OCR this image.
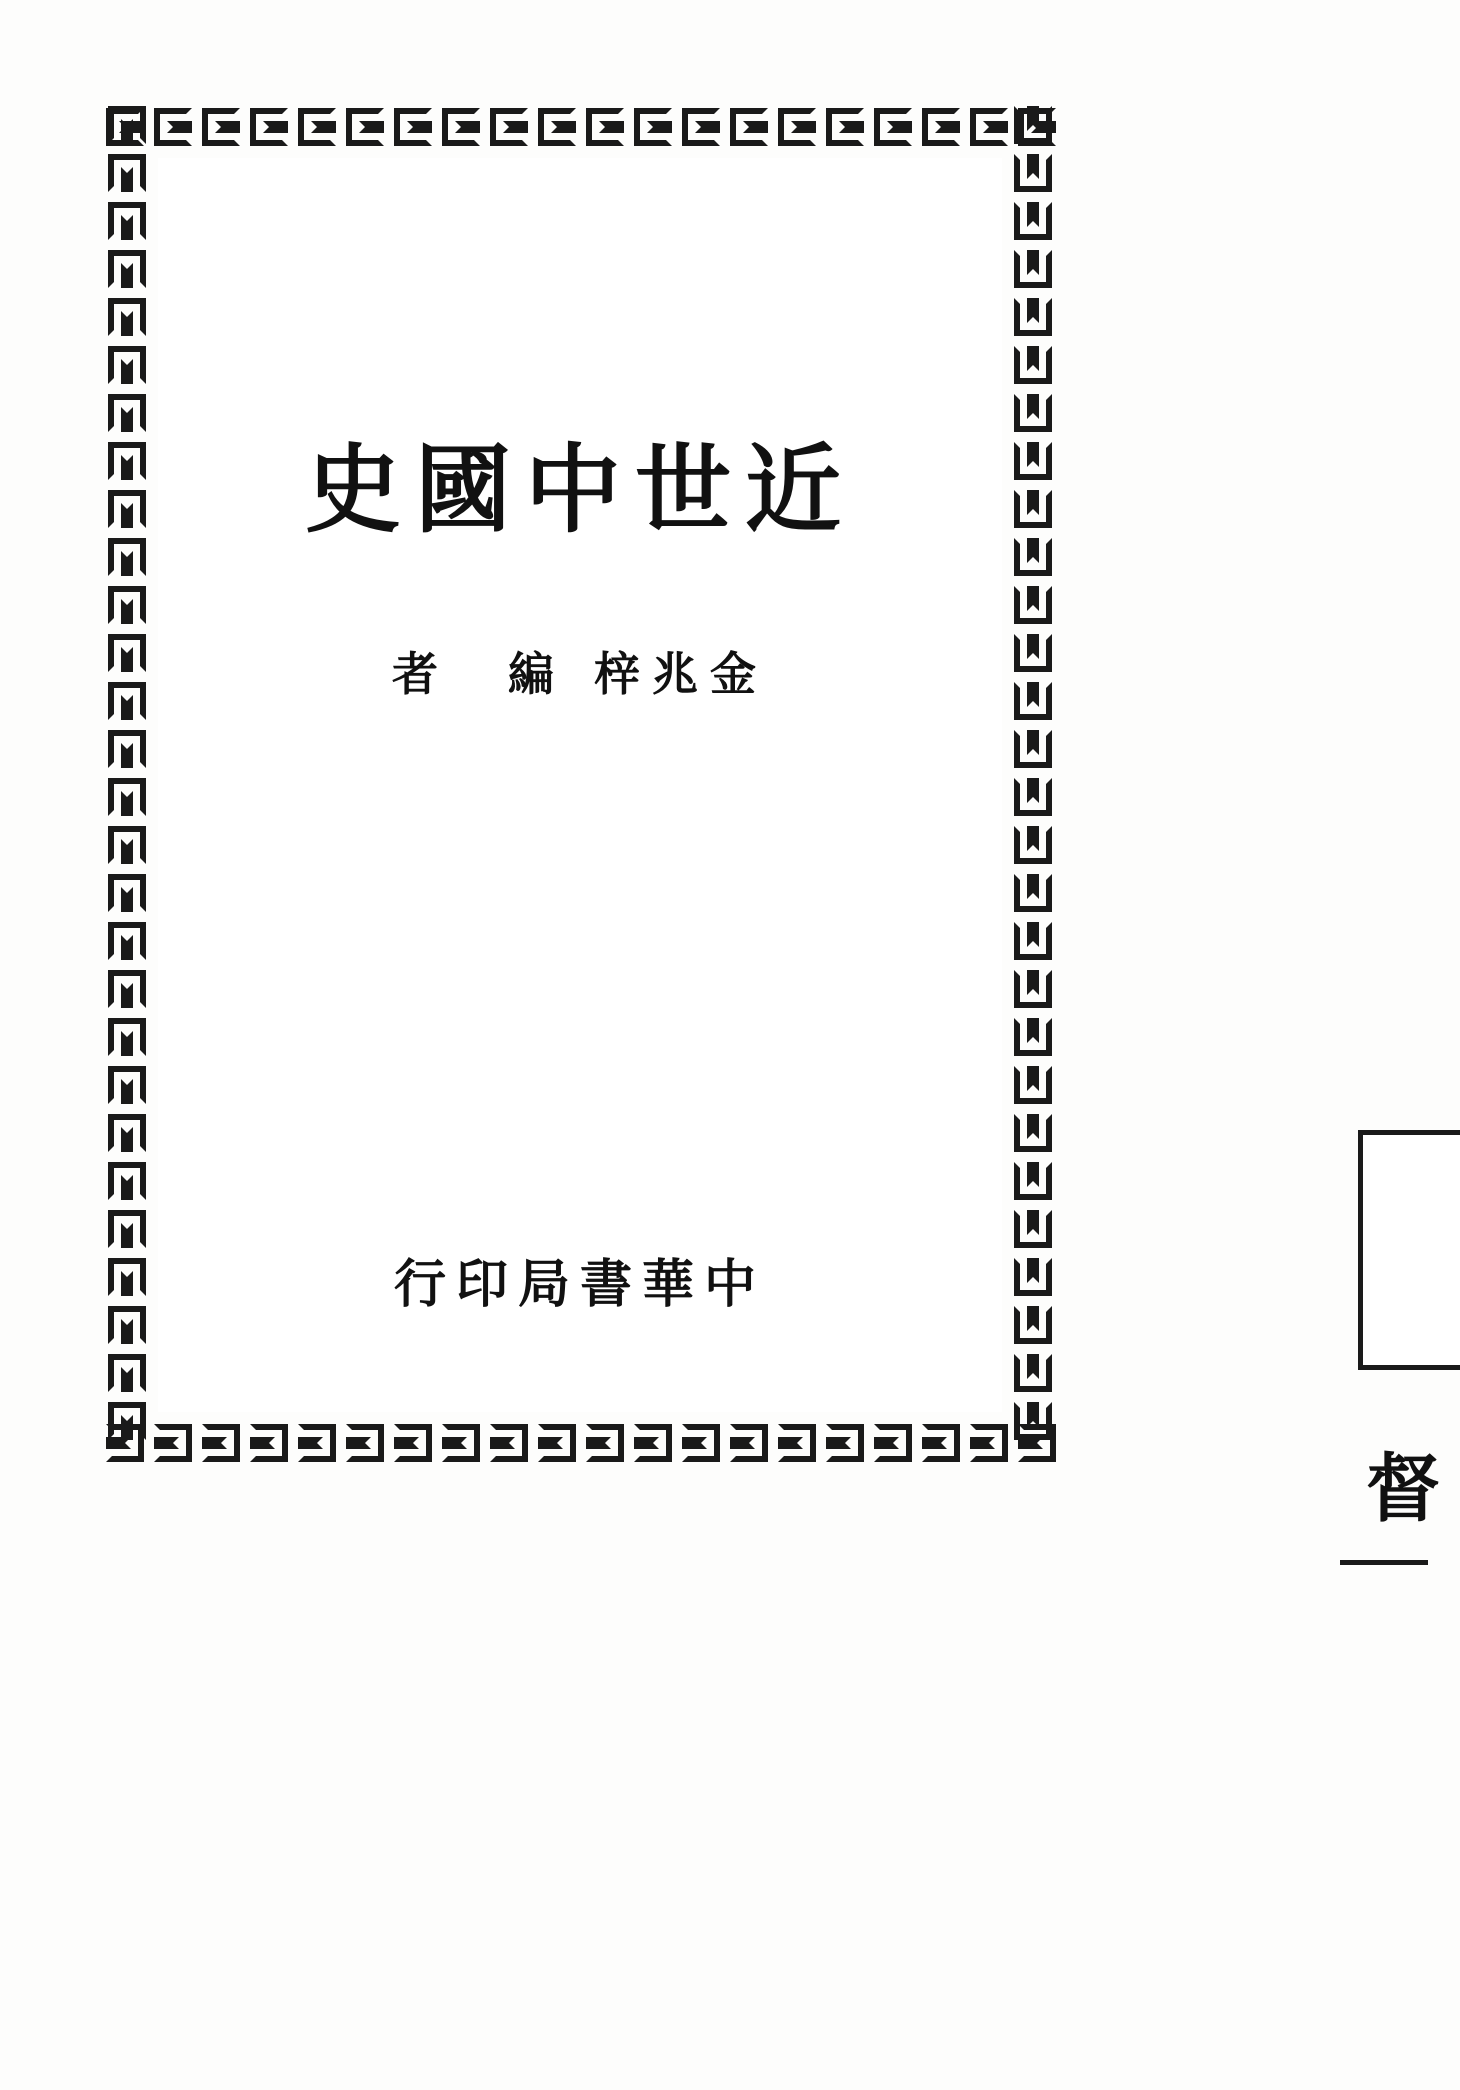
近世中國史
金兆梓編　者
中華書局印行
督
